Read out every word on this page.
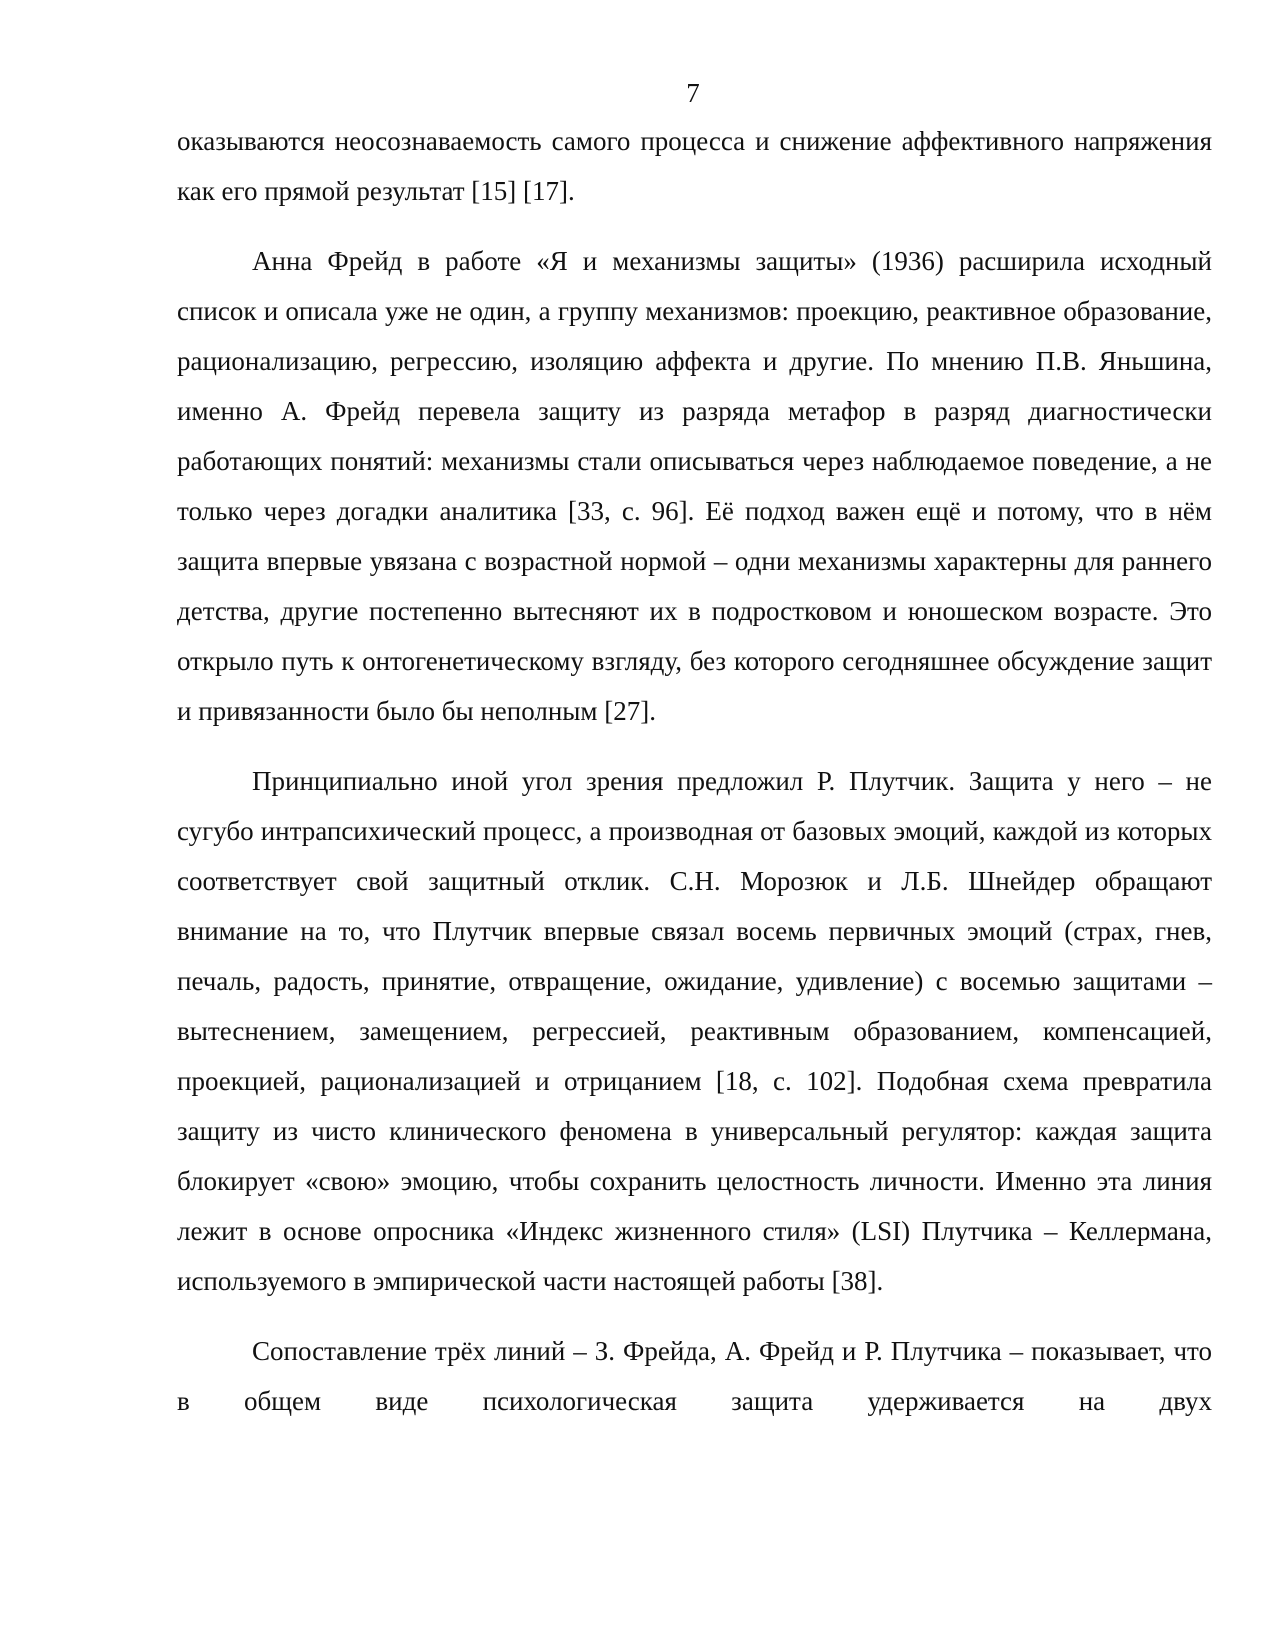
7

оказываются неосознаваемость самого процесса и снижение аффективного напряжения как его прямой результат [15] [17].

Анна Фрейд в работе «Я и механизмы защиты» (1936) расширила исходный список и описала уже не один, а группу механизмов: проекцию, реактивное образование, рационализацию, регрессию, изоляцию аффекта и другие. По мнению П.В. Яньшина, именно А. Фрейд перевела защиту из разряда метафор в разряд диагностически работающих понятий: механизмы стали описываться через наблюдаемое поведение, а не только через догадки аналитика [33, с. 96]. Её подход важен ещё и потому, что в нём защита впервые увязана с возрастной нормой – одни механизмы характерны для раннего детства, другие постепенно вытесняют их в подростковом и юношеском возрасте. Это открыло путь к онтогенетическому взгляду, без которого сегодняшнее обсуждение защит и привязанности было бы неполным [27].

Принципиально иной угол зрения предложил Р. Плутчик. Защита у него – не сугубо интрапсихический процесс, а производная от базовых эмоций, каждой из которых соответствует свой защитный отклик. С.Н. Морозюк и Л.Б. Шнейдер обращают внимание на то, что Плутчик впервые связал восемь первичных эмоций (страх, гнев, печаль, радость, принятие, отвращение, ожидание, удивление) с восемью защитами – вытеснением, замещением, регрессией, реактивным образованием, компенсацией, проекцией, рационализацией и отрицанием [18, с. 102]. Подобная схема превратила защиту из чисто клинического феномена в универсальный регулятор: каждая защита блокирует «свою» эмоцию, чтобы сохранить целостность личности. Именно эта линия лежит в основе опросника «Индекс жизненного стиля» (LSI) Плутчика – Келлермана, используемого в эмпирической части настоящей работы [38].

Сопоставление трёх линий – З. Фрейда, А. Фрейд и Р. Плутчика – показывает, что в общем виде психологическая защита удерживается на двух
